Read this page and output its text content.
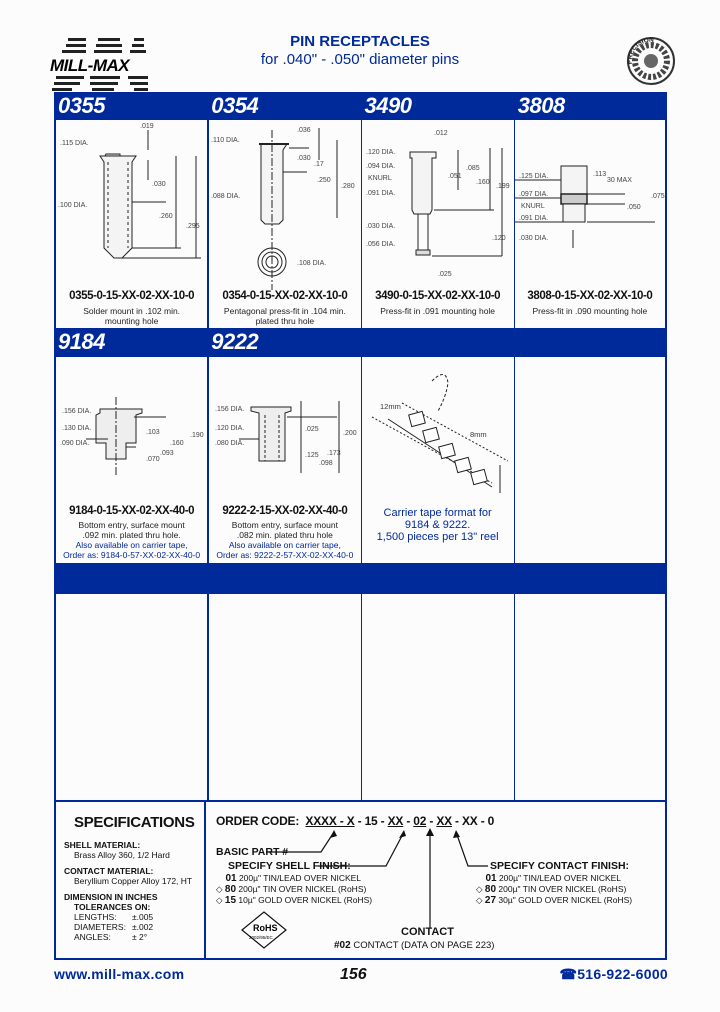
MILL-MAX
PIN RECEPTACLES
for .040" - .050" diameter pins	PRECISION
0355	0354	3490	3808
.019
.115 DIA.
.100 DIA.
.030
.260
.295
0355-0-15-XX-02-XX-10-0
Solder mount in .102 min.
mounting hole
.110 DIA.
.088 DIA.
.036
.030
.17
.250
.280
.108 DIA.
0354-0-15-XX-02-XX-10-0
Pentagonal press-fit in .104 min.
plated thru hole
.012
.120 DIA.
.094 DIA.
KNURL
.091 DIA.
.030 DIA.
.056 DIA.
.051
.085
.160
.199
.120
.025
3490-0-15-XX-02-XX-10-0
Press-fit in .091 mounting hole
.125 DIA.
.097 DIA.
KNURL
.091 DIA.
.030 DIA.
.113
30 MAX
.075
.050
3808-0-15-XX-02-XX-10-0
Press-fit in .090 mounting hole
9184	9222
.156 DIA.
.130 DIA.
.090 DIA.
.103	.190
.160
.093
.070
9184-0-15-XX-02-XX-40-0
Bottom entry, surface mount
.092 min. plated thru hole.
Also available on carrier tape,
Order as: 9184-0-57-XX-02-XX-40-0
.156 DIA.
.120 DIA.
.080 DIA.
.025
.200
.125 .173
.098
9222-2-15-XX-02-XX-40-0
Bottom entry, surface mount
.082 min. plated thru hole
Also available on carrier tape,
Order as: 9222-2-57-XX-02-XX-40-0
12mm
8mm
Carrier tape format for
9184 & 9222.
1,500 pieces per 13" reel
SPECIFICATIONS
SHELL MATERIAL:
Brass Alloy 360, 1/2 Hard
CONTACT MATERIAL:
Beryllium Copper Alloy 172, HT
DIMENSION IN INCHES
TOLERANCES ON:
LENGTHS:	±.005
DIAMETERS:	±.002
ANGLES:	± 2°
ORDER CODE: XXXX - X - 15 - XX - 02 - XX - XX - 0
RoHS
2002/95/EC
BASIC PART #
SPECIFY SHELL FINISH:
01 200µ" TIN/LEAD OVER NICKEL
◇ 80 200µ" TIN OVER NICKEL (RoHS)
◇ 15 10µ" GOLD OVER NICKEL (RoHS)
SPECIFY CONTACT FINISH:
01 200µ" TIN/LEAD OVER NICKEL
◇ 80 200µ" TIN OVER NICKEL (RoHS)
◇ 27 30µ" GOLD OVER NICKEL (RoHS)
CONTACT
#02 CONTACT (DATA ON PAGE 223)
www.mill-max.com	156	☎516-922-6000
